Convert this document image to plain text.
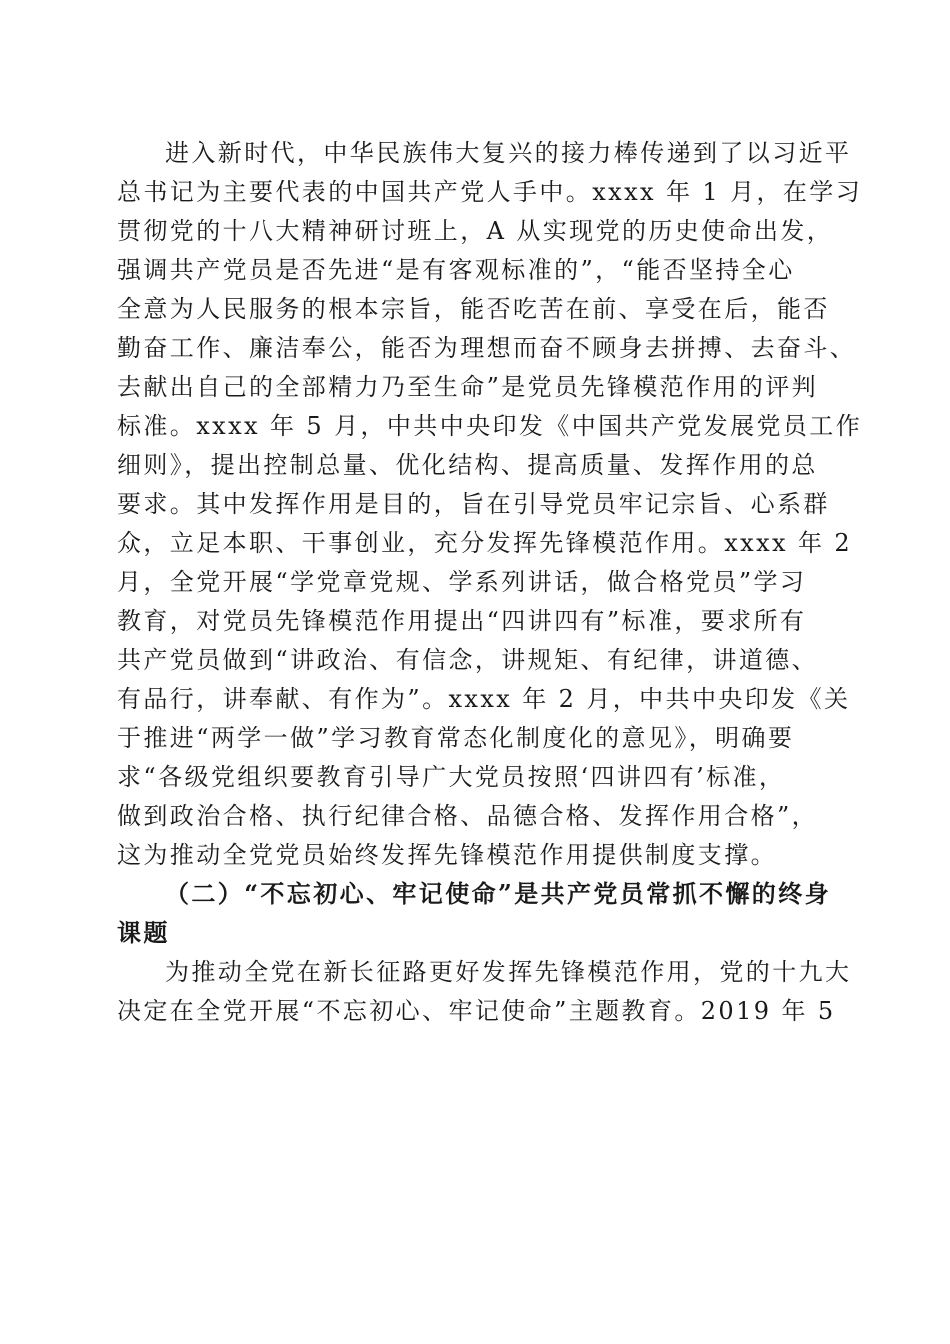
进入新时代，中华民族伟大复兴的接力棒传递到了以习近平
总书记为主要代表的中国共产党人手中。xxxx 年 1 月，在学习
贯彻党的十八大精神研讨班上，A 从实现党的历史使命出发，
强调共产党员是否先进“是有客观标准的”，“能否坚持全心
全意为人民服务的根本宗旨，能否吃苦在前、享受在后，能否
勤奋工作、廉洁奉公，能否为理想而奋不顾身去拼搏、去奋斗、
去献出自己的全部精力乃至生命”是党员先锋模范作用的评判
标准。xxxx 年 5 月，中共中央印发《中国共产党发展党员工作
细则》，提出控制总量、优化结构、提高质量、发挥作用的总
要求。其中发挥作用是目的，旨在引导党员牢记宗旨、心系群
众，立足本职、干事创业，充分发挥先锋模范作用。xxxx 年 2
月，全党开展“学党章党规、学系列讲话，做合格党员”学习
教育，对党员先锋模范作用提出“四讲四有”标准，要求所有
共产党员做到“讲政治、有信念，讲规矩、有纪律，讲道德、
有品行，讲奉献、有作为”。xxxx 年 2 月，中共中央印发《关
于推进“两学一做”学习教育常态化制度化的意见》，明确要
求“各级党组织要教育引导广大党员按照‘四讲四有’标准，
做到政治合格、执行纪律合格、品德合格、发挥作用合格”，
这为推动全党党员始终发挥先锋模范作用提供制度支撑。
（二）“不忘初心、牢记使命”是共产党员常抓不懈的终身
课题
为推动全党在新长征路更好发挥先锋模范作用，党的十九大
决定在全党开展“不忘初心、牢记使命”主题教育。2019 年 5
